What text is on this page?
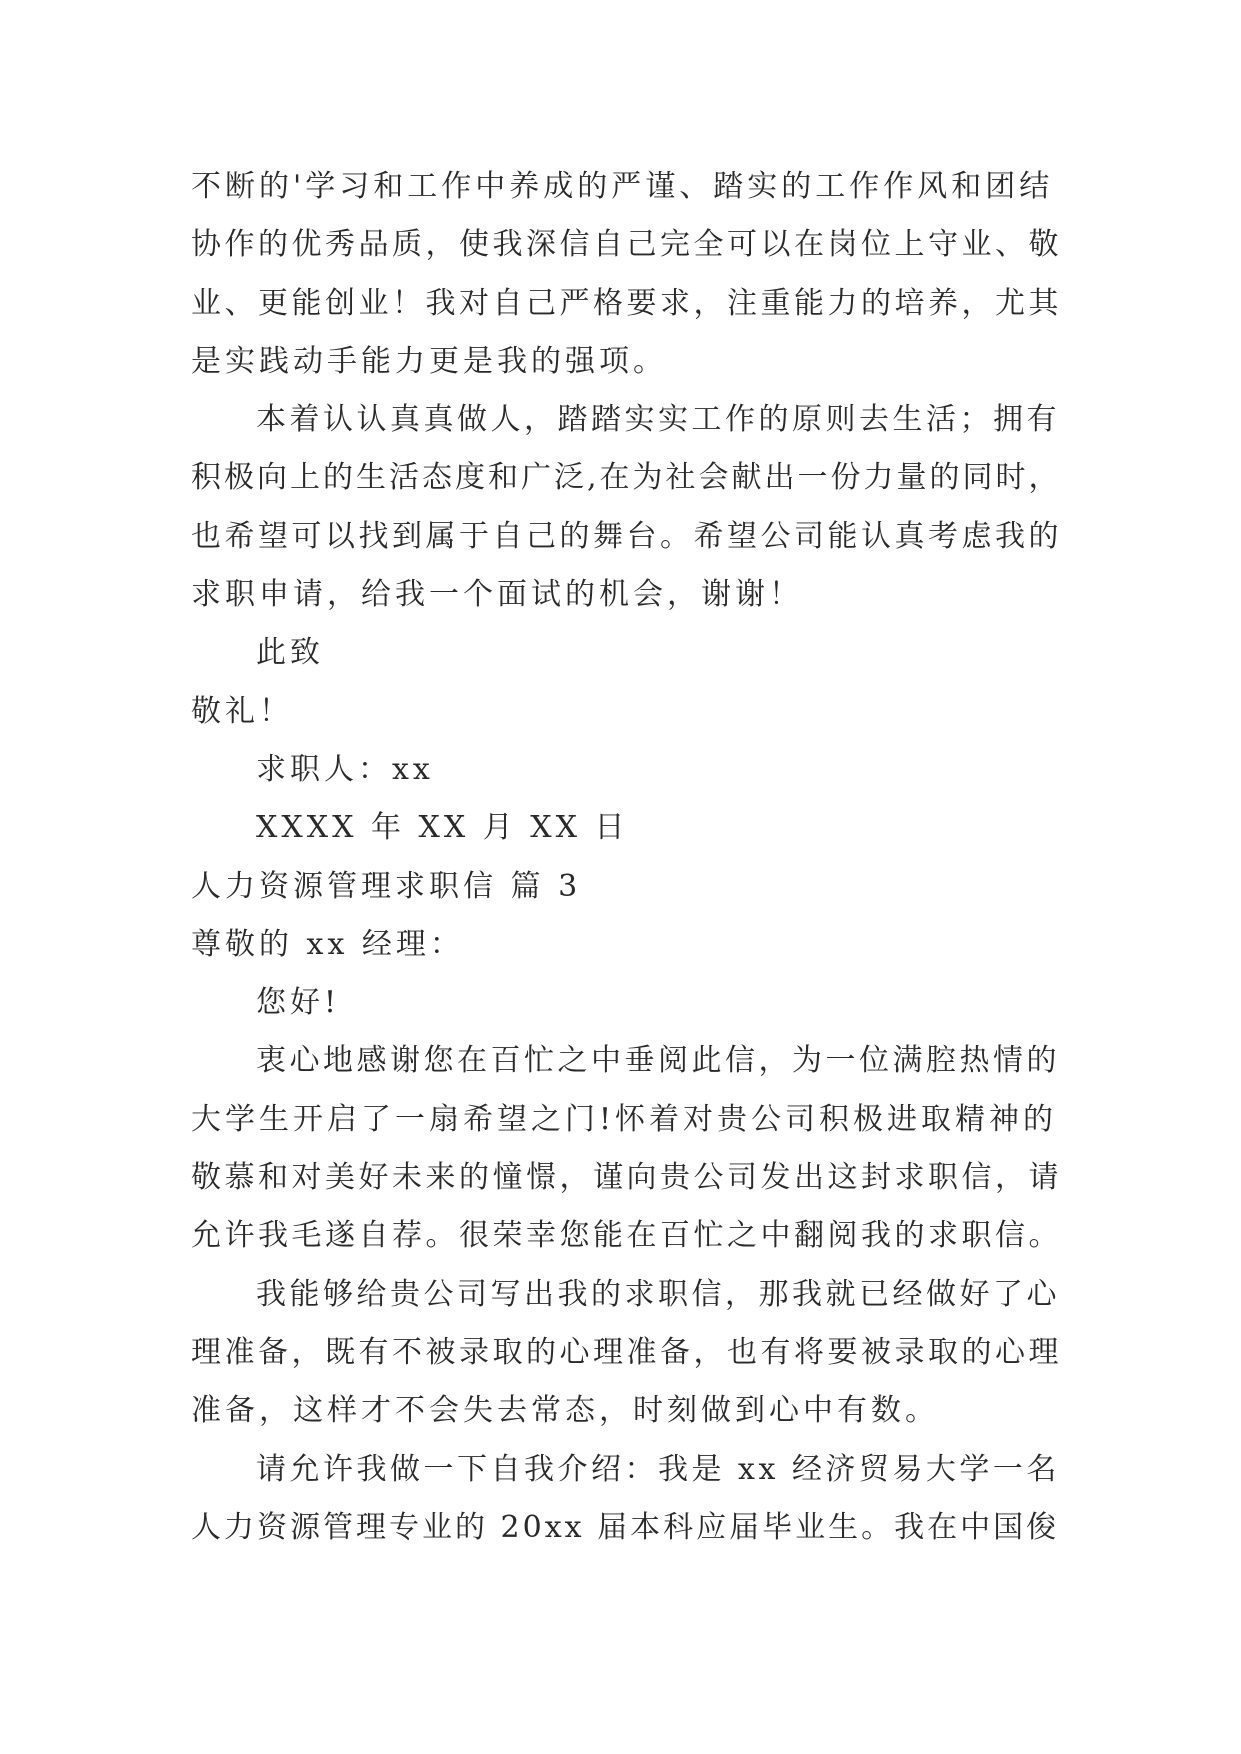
不断的'学习和工作中养成的严谨、踏实的工作作风和团结
协作的优秀品质，使我深信自己完全可以在岗位上守业、敬
业、更能创业！我对自己严格要求，注重能力的培养，尤其
是实践动手能力更是我的强项。
本着认认真真做人，踏踏实实工作的原则去生活；拥有
积极向上的生活态度和广泛,在为社会献出一份力量的同时，
也希望可以找到属于自己的舞台。希望公司能认真考虑我的
求职申请，给我一个面试的机会，谢谢！
此致
敬礼！
求职人：xx
XXXX 年 XX 月 XX 日
人力资源管理求职信 篇 3
尊敬的 xx 经理：
您好!
衷心地感谢您在百忙之中垂阅此信，为一位满腔热情的
大学生开启了一扇希望之门!怀着对贵公司积极进取精神的
敬慕和对美好未来的憧憬，谨向贵公司发出这封求职信，请
允许我毛遂自荐。很荣幸您能在百忙之中翻阅我的求职信。
我能够给贵公司写出我的求职信，那我就已经做好了心
理准备，既有不被录取的心理准备，也有将要被录取的心理
准备，这样才不会失去常态，时刻做到心中有数。
请允许我做一下自我介绍：我是 xx 经济贸易大学一名
人力资源管理专业的 20xx 届本科应届毕业生。我在中国俊
